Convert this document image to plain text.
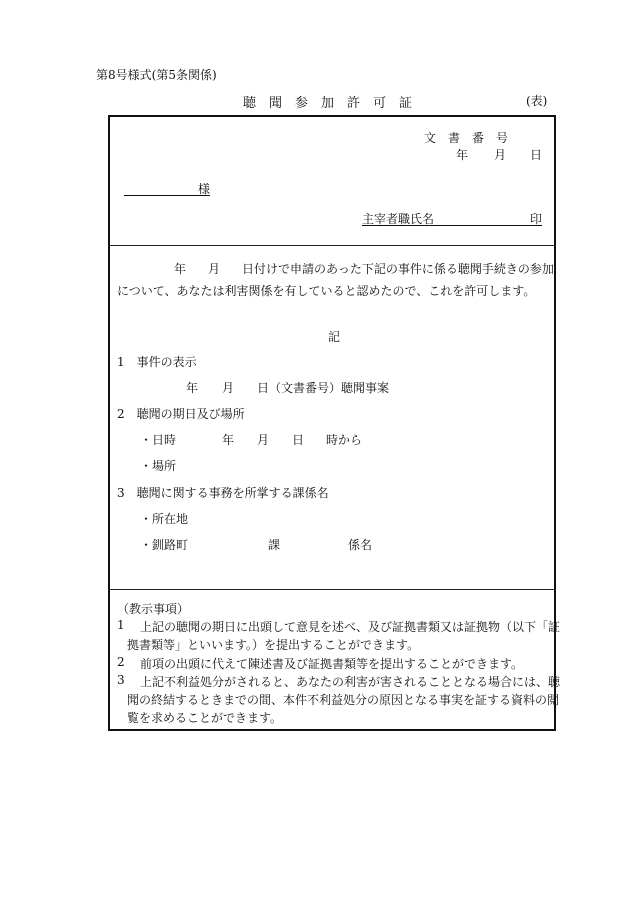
第8号様式(第5条関係)
聴聞参加許可証	(表)
文書番号
年 月 日
様
主宰者職氏名	印
年 月 日付けで申請のあった下記の事件に係る聴聞手続きの参加
について、あなたは利害関係を有していると認めたので、これを許可します。
記
1　事件の表示
年 月 日（文書番号）聴聞事案
2　聴聞の期日及び場所
・日時	年 月 日 時から
・場所
3　聴聞に関する事務を所掌する課係名
・所在地
・釧路町	課	係名
（教示事項）
1 上記の聴聞の期日に出頭して意見を述べ、及び証拠書類又は証拠物（以下「証
拠書類等」といいます。）を提出することができます。
2 前項の出頭に代えて陳述書及び証拠書類等を提出することができます。
3 上記不利益処分がされると、あなたの利害が害されることとなる場合には、聴
聞の終結するときまでの間、本件不利益処分の原因となる事実を証する資料の閲
覧を求めることができます。
